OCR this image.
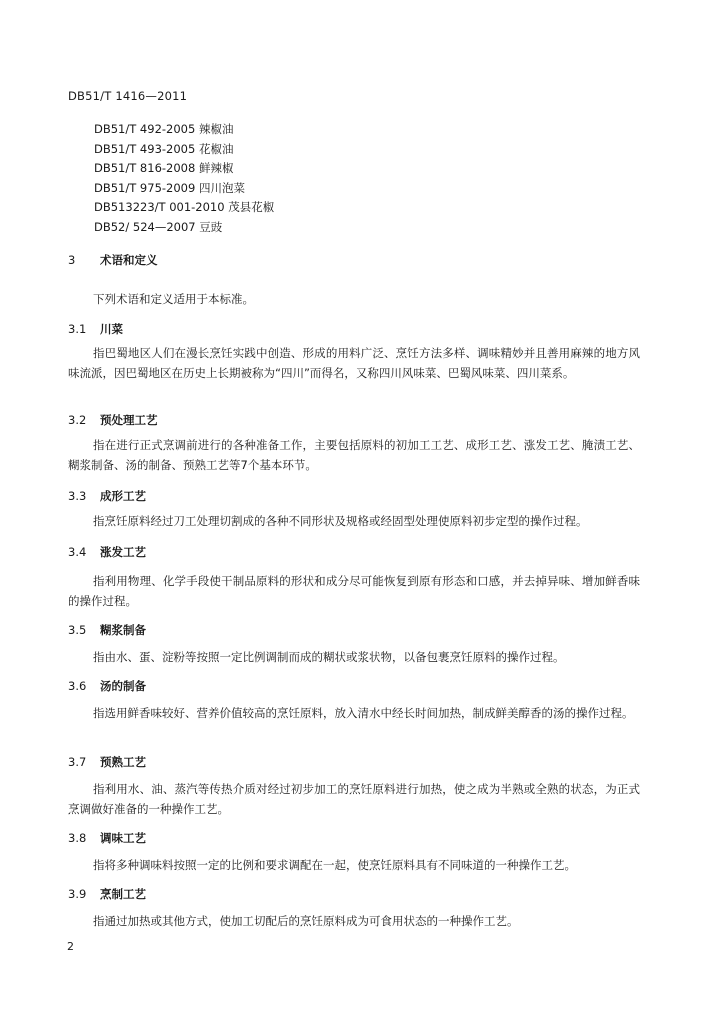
DB51/T 1416—2011
DB51/T 492-2005 辣椒油
DB51/T 493-2005 花椒油
DB51/T 816-2008 鲜辣椒
DB51/T 975-2009 四川泡菜
DB513223/T 001-2010 茂县花椒
DB52/ 524—2007 豆豉
3 术语和定义
下列术语和定义适用于本标准。
3.1 川菜
指巴蜀地区人们在漫长烹饪实践中创造、形成的用料广泛、烹饪方法多样、调味精妙并且善用麻辣的地方风味流派，因巴蜀地区在历史上长期被称为“四川”而得名，又称四川风味菜、巴蜀风味菜、四川菜系。
3.2 预处理工艺
指在进行正式烹调前进行的各种准备工作，主要包括原料的初加工工艺、成形工艺、涨发工艺、腌渍工艺、糊浆制备、汤的制备、预熟工艺等7个基本环节。
3.3 成形工艺
指烹饪原料经过刀工处理切割成的各种不同形状及规格或经固型处理使原料初步定型的操作过程。
3.4 涨发工艺
指利用物理、化学手段使干制品原料的形状和成分尽可能恢复到原有形态和口感，并去掉异味、增加鲜香味的操作过程。
3.5 糊浆制备
指由水、蛋、淀粉等按照一定比例调制而成的糊状或浆状物，以备包裹烹饪原料的操作过程。
3.6 汤的制备
指选用鲜香味较好、营养价值较高的烹饪原料，放入清水中经长时间加热，制成鲜美醇香的汤的操作过程。
3.7 预熟工艺
指利用水、油、蒸汽等传热介质对经过初步加工的烹饪原料进行加热，使之成为半熟或全熟的状态，为正式烹调做好准备的一种操作工艺。
3.8 调味工艺
指将多种调味料按照一定的比例和要求调配在一起，使烹饪原料具有不同味道的一种操作工艺。
3.9 烹制工艺
指通过加热或其他方式，使加工切配后的烹饪原料成为可食用状态的一种操作工艺。
2
